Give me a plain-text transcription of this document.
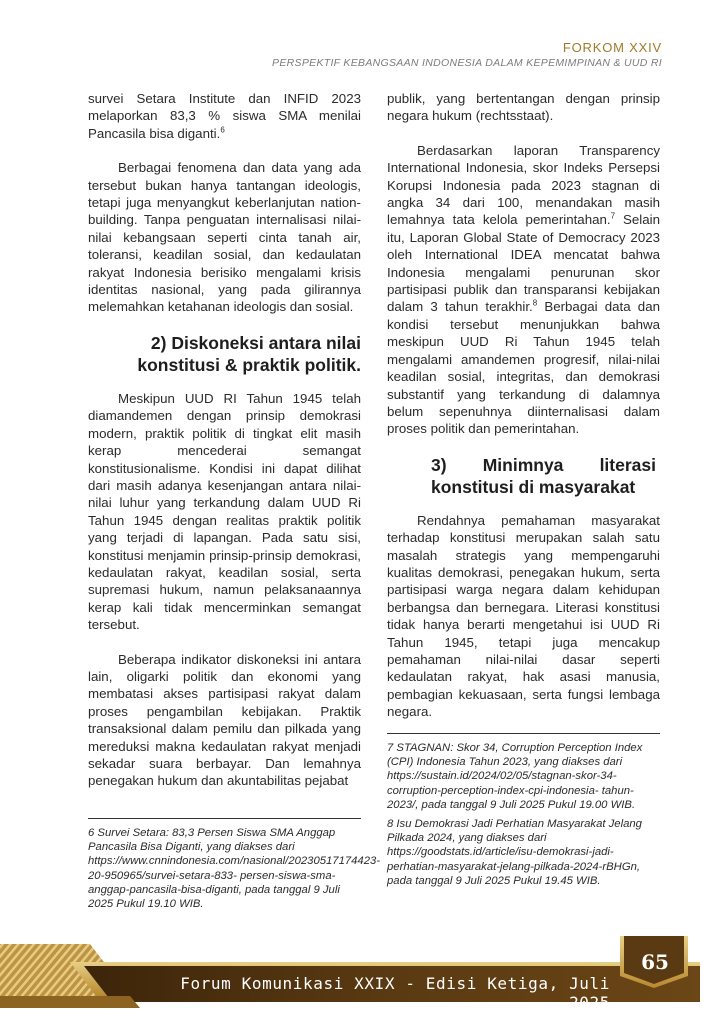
FORKOM XXIV
PERSPEKTIF KEBANGSAAN INDONESIA DALAM KEPEMIMPINAN & UUD RI

survei Setara Institute dan INFID 2023 melaporkan 83,3 % siswa SMA menilai Pancasila bisa diganti.$^6$

Berbagai fenomena dan data yang ada tersebut bukan hanya tantangan ideologis, tetapi juga menyangkut keberlanjutan nation- building. Tanpa penguatan internalisasi nilai-nilai kebangsaan seperti cinta tanah air, toleransi, keadilan sosial, dan kedaulatan rakyat Indonesia berisiko mengalami krisis identitas nasional, yang pada gilirannya melemahkan ketahanan ideologis dan sosial.

2) Diskoneksi antara nilai
konstitusi & praktik politik.

Meskipun UUD RI Tahun 1945 telah diamandemen dengan prinsip demokrasi modern, praktik politik di tingkat elit masih kerap mencederai semangat konstitusionalisme. Kondisi ini dapat dilihat dari masih adanya kesenjangan antara nilai-nilai luhur yang terkandung dalam UUD Ri Tahun 1945 dengan realitas praktik politik yang terjadi di lapangan. Pada satu sisi, konstitusi menjamin prinsip-prinsip demokrasi, kedaulatan rakyat, keadilan sosial, serta supremasi hukum, namun pelaksanaannya kerap kali tidak mencerminkan semangat tersebut.

Beberapa indikator diskoneksi ini antara lain, oligarki politik dan ekonomi yang membatasi akses partisipasi rakyat dalam proses pengambilan kebijakan. Praktik transaksional dalam pemilu dan pilkada yang mereduksi makna kedaulatan rakyat menjadi sekadar suara berbayar. Dan lemahnya penegakan hukum dan akuntabilitas pejabat

publik, yang bertentangan dengan prinsip negara hukum (rechtsstaat).

Berdasarkan laporan Transparency International Indonesia, skor Indeks Persepsi Korupsi Indonesia pada 2023 stagnan di angka 34 dari 100, menandakan masih lemahnya tata kelola pemerintahan.$^7$ Selain itu, Laporan Global State of Democracy 2023 oleh International IDEA mencatat bahwa Indonesia mengalami penurunan skor partisipasi publik dan transparansi kebijakan dalam 3 tahun terakhir.$^8$ Berbagai data dan kondisi tersebut menunjukkan bahwa meskipun UUD Ri Tahun 1945 telah mengalami amandemen progresif, nilai-nilai keadilan sosial, integritas, dan demokrasi substantif yang terkandung di dalamnya belum sepenuhnya diinternalisasi dalam proses politik dan pemerintahan.

3) Minimnya literasi
konstitusi di masyarakat

Rendahnya pemahaman masyarakat terhadap konstitusi merupakan salah satu masalah strategis yang mempengaruhi kualitas demokrasi, penegakan hukum, serta partisipasi warga negara dalam kehidupan berbangsa dan bernegara. Literasi konstitusi tidak hanya berarti mengetahui isi UUD Ri Tahun 1945, tetapi juga mencakup pemahaman nilai-nilai dasar seperti kedaulatan rakyat, hak asasi manusia, pembagian kekuasaan, serta fungsi lembaga negara.

6 Survei Setara: 83,3 Persen Siswa SMA Anggap Pancasila Bisa Diganti, yang diakses dari https://www.cnnindonesia.com/nasional/20230517174423-20-950965/survei-setara-833- persen-siswa-sma-anggap-pancasila-bisa-diganti, pada tanggal 9 Juli 2025 Pukul 19.10 WIB.

7 STAGNAN: Skor 34, Corruption Perception Index (CPI) Indonesia Tahun 2023, yang diakses dari https://sustain.id/2024/02/05/stagnan-skor-34-corruption-perception-index-cpi-indonesia- tahun-2023/, pada tanggal 9 Juli 2025 Pukul 19.00 WIB.

8 Isu Demokrasi Jadi Perhatian Masyarakat Jelang Pilkada 2024, yang diakses dari https://goodstats.id/article/isu-demokrasi-jadi-perhatian-masyarakat-jelang-pilkada-2024-rBHGn, pada tanggal 9 Juli 2025 Pukul 19.45 WIB.

Forum Komunikasi XXIX - Edisi Ketiga, Juli 2025
65
